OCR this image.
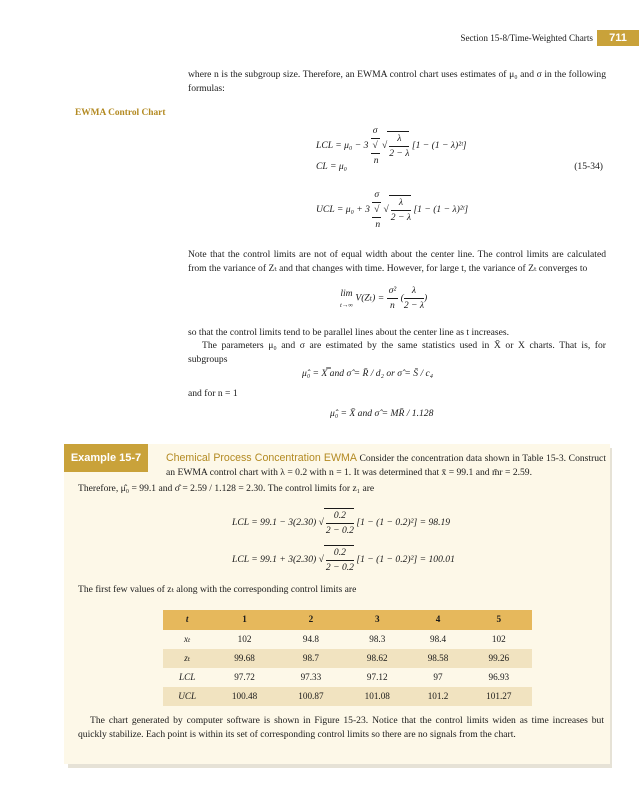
Section 15-8/Time-Weighted Charts	711
where n is the subgroup size. Therefore, an EWMA control chart uses estimates of μ₀ and σ in the following formulas:
EWMA Control Chart
LCL = μ₀ − 3 σ
√
n √ $\frac{\lambda}{2 - \lambda} [1 - (1$ − λ)²ᵗ]
CL = μ₀	(15-34)
UCL = μ₀ + 3 σ
√
n √ $\frac{\lambda}{2 - \lambda} [1 - (1$ − λ)²ᵗ]
Note that the control limits are not of equal width about the center line. The control limits are calculated from the variance of Zₜ and that changes with time. However, for large t, the variance of Zₜ converges to
lim
t→∞
$V(Z_t) = \frac{\text{σ²}}{n}$ ( $\frac{\lambda}{2 - \lambda}$ )
so that the control limits tend to be parallel lines about the center line as t increases.
The parameters μ₀ and σ are estimated by the same statistics used in X̄ or X charts. That is, for subgroups
μ̂₀ = X̿ and σ̂ = R̄ / d₂ or σ̂ = S̄ / c₄
and for n = 1
μ̂₀ = X̄ and σ̂ = MR̄ / 1.128
Example 15-7	Chemical Process Concentration EWMA Consider the concentration data shown in Table 15-3. Construct an EWMA control chart with λ = 0.2 with n = 1. It was determined that x̄ = 99.1 and m̄r = 2.59.
Therefore, μ̂₀ = 99.1 and σ̂ = 2.59 / 1.128 = 2.30. The control limits for z₁ are
LCL = 99.1 − 3(2.30) √ $\frac{0.2}{2 - 0.2} [1 - (1 - 0.2)^2] = 98.19$
LCL = 99.1 + 3(2.30) √ $\frac{0.2}{2 - 0.2} [1 - (1 - 0.2)^2] = 100.01$
The first few values of zₜ along with the corresponding control limits are
t	1	2	3	4	5
xₜ	102	94.8	98.3	98.4	102
zₜ	99.68	98.7	98.62	98.58	99.26
LCL	97.72	97.33	97.12	97	96.93
UCL	100.48	100.87	101.08	101.2	101.27
The chart generated by computer software is shown in Figure 15-23. Notice that the control limits widen as time increases but quickly stabilize. Each point is within its set of corresponding control limits so there are no signals from the chart.
